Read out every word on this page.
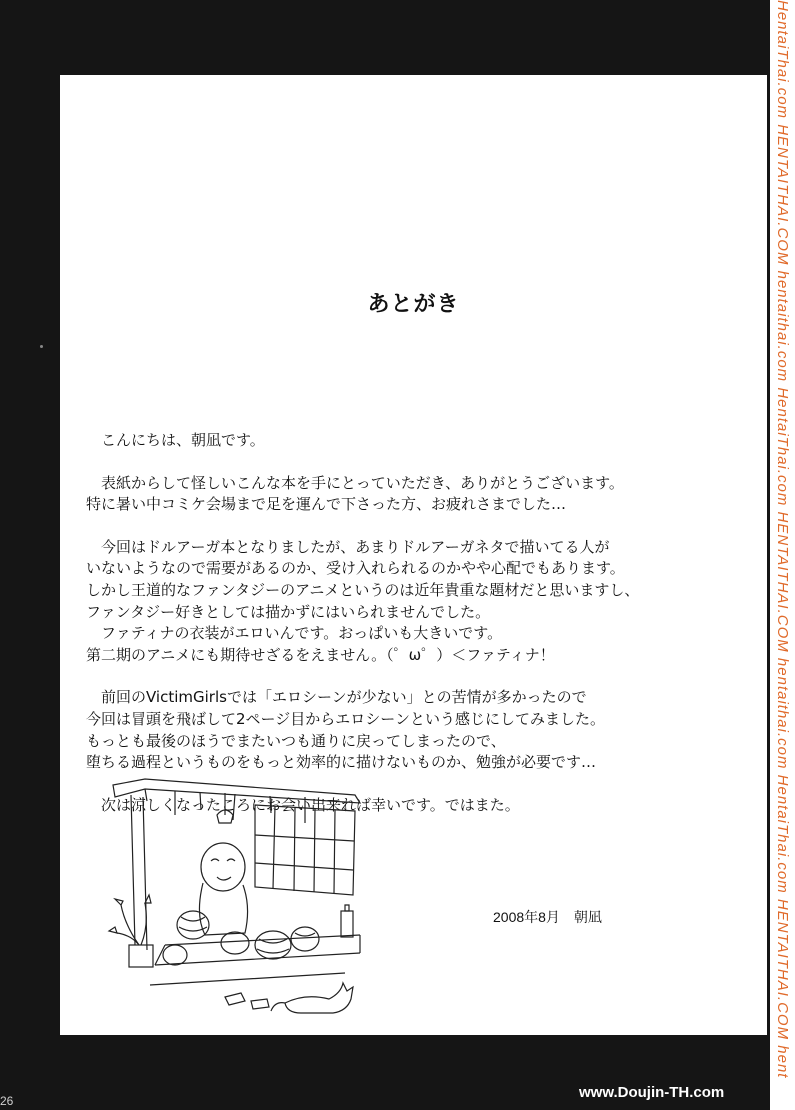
あとがき

　こんにちは、朝凪です。

　表紙からして怪しいこんな本を手にとっていただき、ありがとうございます。
特に暑い中コミケ会場まで足を運んで下さった方、お疲れさまでした…

　今回はドルアーガ本となりましたが、あまりドルアーガネタで描いてる人が
いないようなので需要があるのか、受け入れられるのかやや心配でもあります。
しかし王道的なファンタジーのアニメというのは近年貴重な題材だと思いますし、
ファンタジー好きとしては描かずにはいられませんでした。
　ファティナの衣装がエロいんです。おっぱいも大きいです。
第二期のアニメにも期待せざるをえません。（゜ω゜）＜ファティナ！

　前回のVictimGirlsでは「エロシーンが少ない」との苦情が多かったので
今回は冒頭を飛ばして2ページ目からエロシーンという感じにしてみました。
もっとも最後のほうでまたいつも通りに戻ってしまったので、
堕ちる過程というものをもっと効率的に描けないものか、勉強が必要です…

　次は涼しくなったころにお会い出来れば幸いです。ではまた。

2008年8月　朝凪	HentaiThai.com HENTAITHAI.COM hentaithai.com HentaiThai.com HENTAITHAI.COM hentaithai.com HentaiThai.com HENTAITHAI.COM hent
www.Doujin-TH.com
26
